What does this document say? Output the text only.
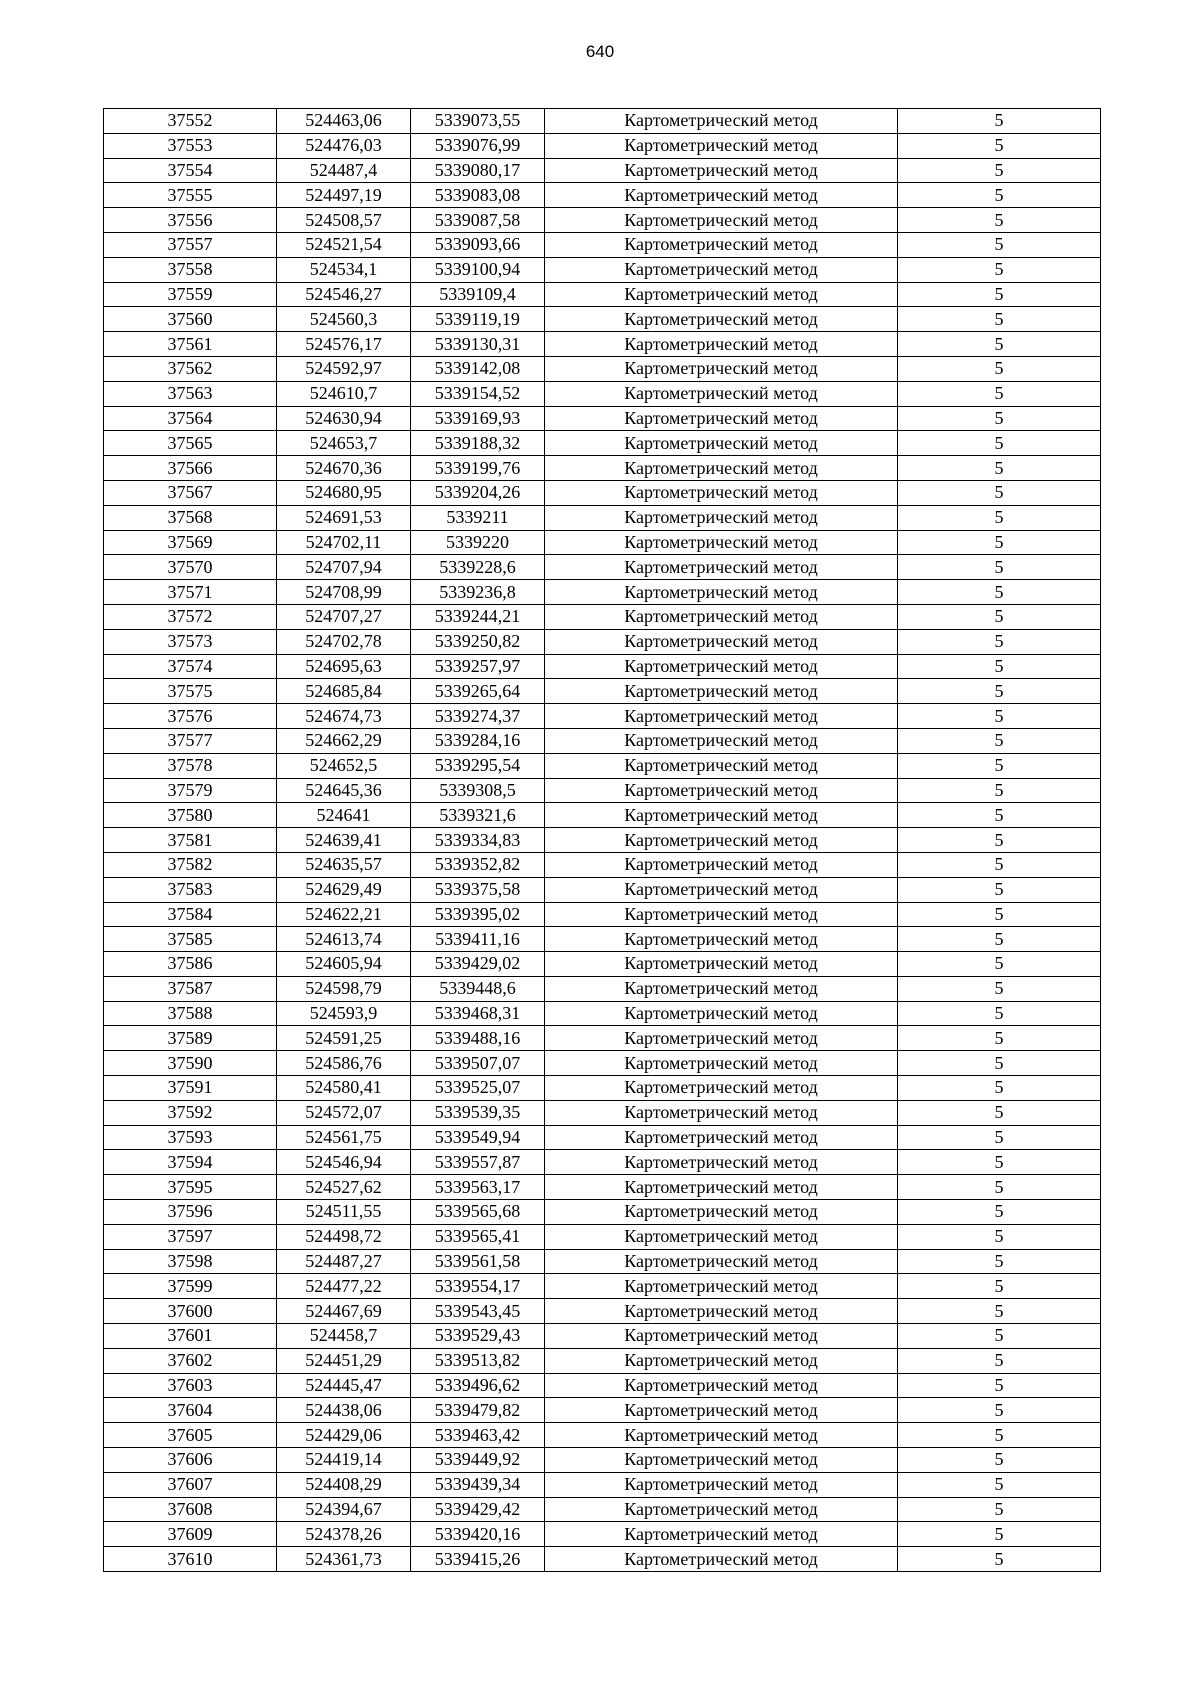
640
37552	524463,06	5339073,55	Картометрический метод	5
37553	524476,03	5339076,99	Картометрический метод	5
37554	524487,4	5339080,17	Картометрический метод	5
37555	524497,19	5339083,08	Картометрический метод	5
37556	524508,57	5339087,58	Картометрический метод	5
37557	524521,54	5339093,66	Картометрический метод	5
37558	524534,1	5339100,94	Картометрический метод	5
37559	524546,27	5339109,4	Картометрический метод	5
37560	524560,3	5339119,19	Картометрический метод	5
37561	524576,17	5339130,31	Картометрический метод	5
37562	524592,97	5339142,08	Картометрический метод	5
37563	524610,7	5339154,52	Картометрический метод	5
37564	524630,94	5339169,93	Картометрический метод	5
37565	524653,7	5339188,32	Картометрический метод	5
37566	524670,36	5339199,76	Картометрический метод	5
37567	524680,95	5339204,26	Картометрический метод	5
37568	524691,53	5339211	Картометрический метод	5
37569	524702,11	5339220	Картометрический метод	5
37570	524707,94	5339228,6	Картометрический метод	5
37571	524708,99	5339236,8	Картометрический метод	5
37572	524707,27	5339244,21	Картометрический метод	5
37573	524702,78	5339250,82	Картометрический метод	5
37574	524695,63	5339257,97	Картометрический метод	5
37575	524685,84	5339265,64	Картометрический метод	5
37576	524674,73	5339274,37	Картометрический метод	5
37577	524662,29	5339284,16	Картометрический метод	5
37578	524652,5	5339295,54	Картометрический метод	5
37579	524645,36	5339308,5	Картометрический метод	5
37580	524641	5339321,6	Картометрический метод	5
37581	524639,41	5339334,83	Картометрический метод	5
37582	524635,57	5339352,82	Картометрический метод	5
37583	524629,49	5339375,58	Картометрический метод	5
37584	524622,21	5339395,02	Картометрический метод	5
37585	524613,74	5339411,16	Картометрический метод	5
37586	524605,94	5339429,02	Картометрический метод	5
37587	524598,79	5339448,6	Картометрический метод	5
37588	524593,9	5339468,31	Картометрический метод	5
37589	524591,25	5339488,16	Картометрический метод	5
37590	524586,76	5339507,07	Картометрический метод	5
37591	524580,41	5339525,07	Картометрический метод	5
37592	524572,07	5339539,35	Картометрический метод	5
37593	524561,75	5339549,94	Картометрический метод	5
37594	524546,94	5339557,87	Картометрический метод	5
37595	524527,62	5339563,17	Картометрический метод	5
37596	524511,55	5339565,68	Картометрический метод	5
37597	524498,72	5339565,41	Картометрический метод	5
37598	524487,27	5339561,58	Картометрический метод	5
37599	524477,22	5339554,17	Картометрический метод	5
37600	524467,69	5339543,45	Картометрический метод	5
37601	524458,7	5339529,43	Картометрический метод	5
37602	524451,29	5339513,82	Картометрический метод	5
37603	524445,47	5339496,62	Картометрический метод	5
37604	524438,06	5339479,82	Картометрический метод	5
37605	524429,06	5339463,42	Картометрический метод	5
37606	524419,14	5339449,92	Картометрический метод	5
37607	524408,29	5339439,34	Картометрический метод	5
37608	524394,67	5339429,42	Картометрический метод	5
37609	524378,26	5339420,16	Картометрический метод	5
37610	524361,73	5339415,26	Картометрический метод	5
